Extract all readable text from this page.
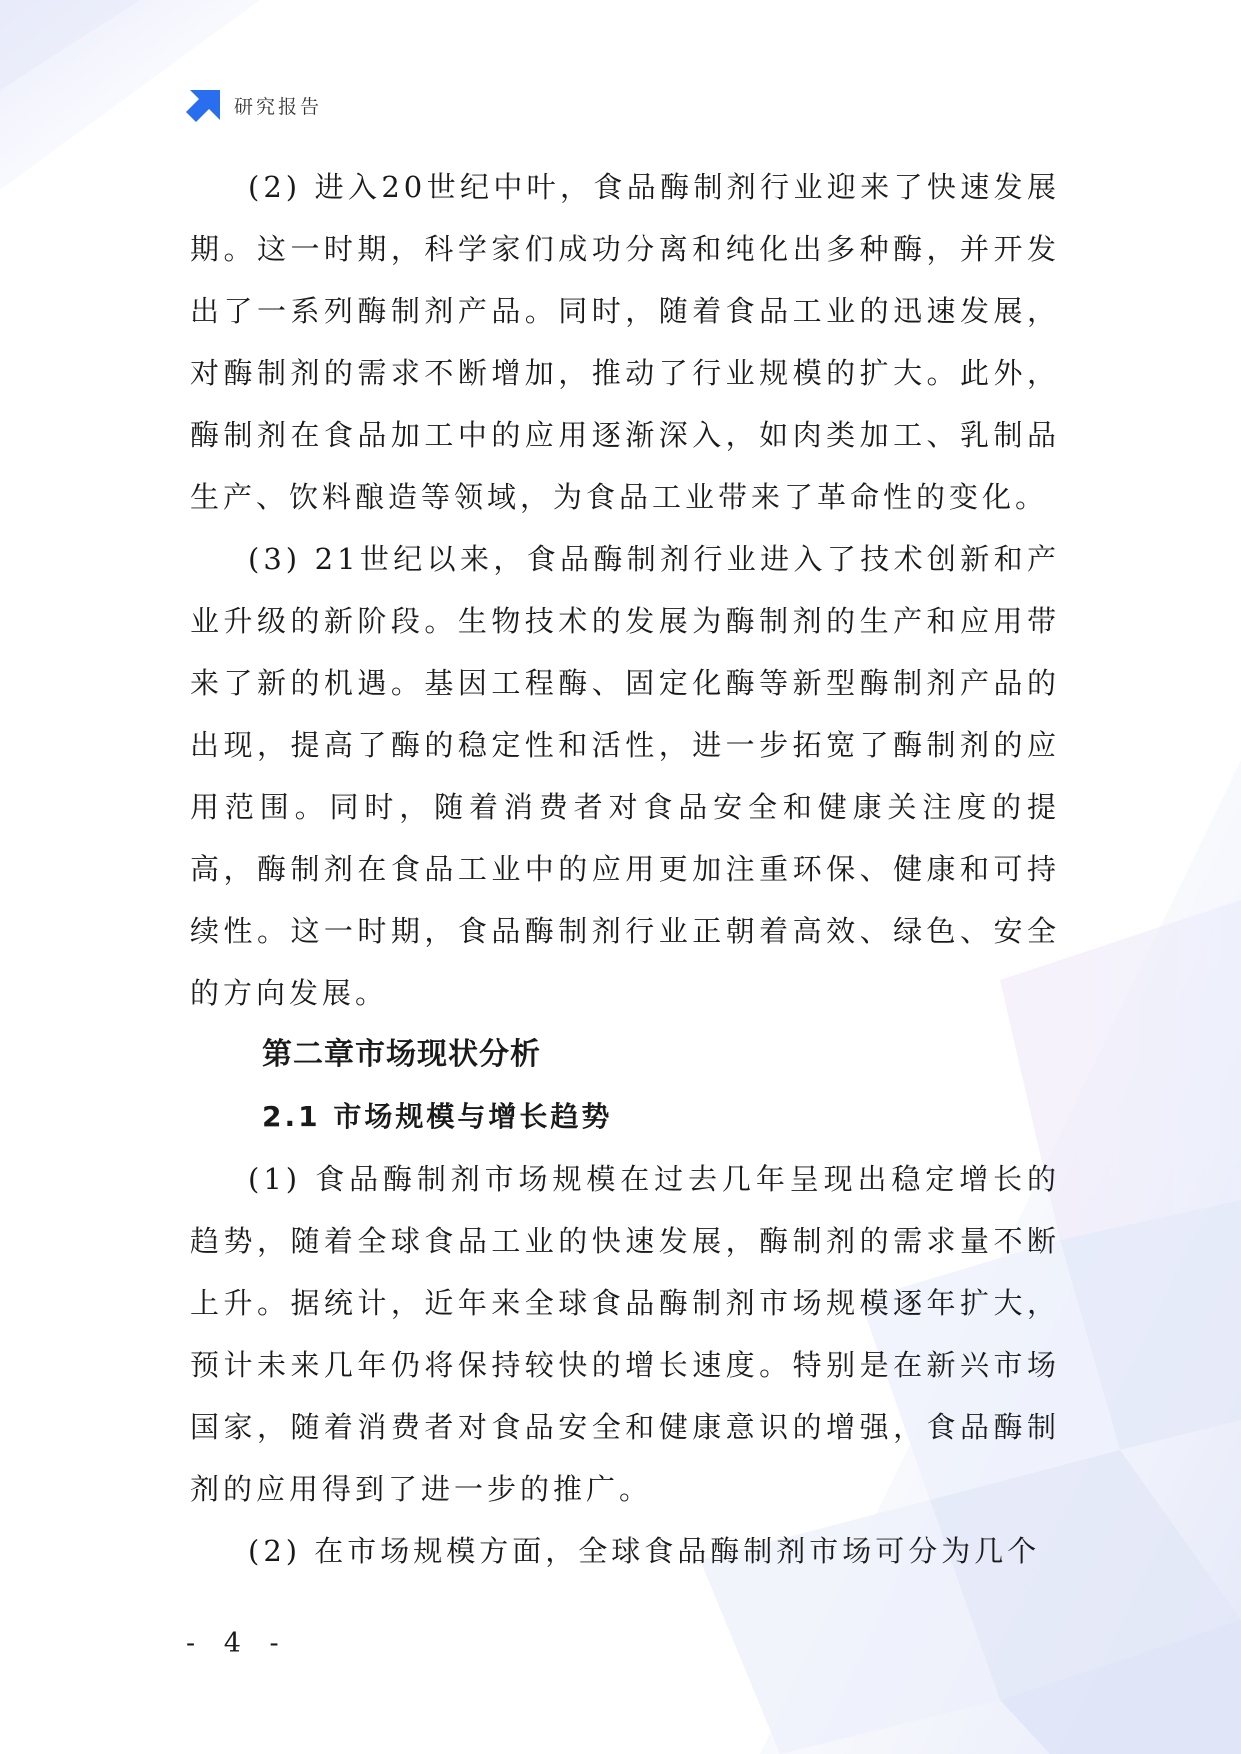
研究报告

(2) 进入20世纪中叶，食品酶制剂行业迎来了快速发展期。这一时期，科学家们成功分离和纯化出多种酶，并开发出了一系列酶制剂产品。同时，随着食品工业的迅速发展，对酶制剂的需求不断增加，推动了行业规模的扩大。此外，酶制剂在食品加工中的应用逐渐深入，如肉类加工、乳制品生产、饮料酿造等领域，为食品工业带来了革命性的变化。

(3) 21世纪以来，食品酶制剂行业进入了技术创新和产业升级的新阶段。生物技术的发展为酶制剂的生产和应用带来了新的机遇。基因工程酶、固定化酶等新型酶制剂产品的出现，提高了酶的稳定性和活性，进一步拓宽了酶制剂的应用范围。同时，随着消费者对食品安全和健康关注度的提高，酶制剂在食品工业中的应用更加注重环保、健康和可持续性。这一时期，食品酶制剂行业正朝着高效、绿色、安全的方向发展。

第二章市场现状分析
2.1 市场规模与增长趋势

(1) 食品酶制剂市场规模在过去几年呈现出稳定增长的趋势，随着全球食品工业的快速发展，酶制剂的需求量不断上升。据统计，近年来全球食品酶制剂市场规模逐年扩大，预计未来几年仍将保持较快的增长速度。特别是在新兴市场国家，随着消费者对食品安全和健康意识的增强，食品酶制剂的应用得到了进一步的推广。

(2) 在市场规模方面，全球食品酶制剂市场可分为几个

- 4 -
